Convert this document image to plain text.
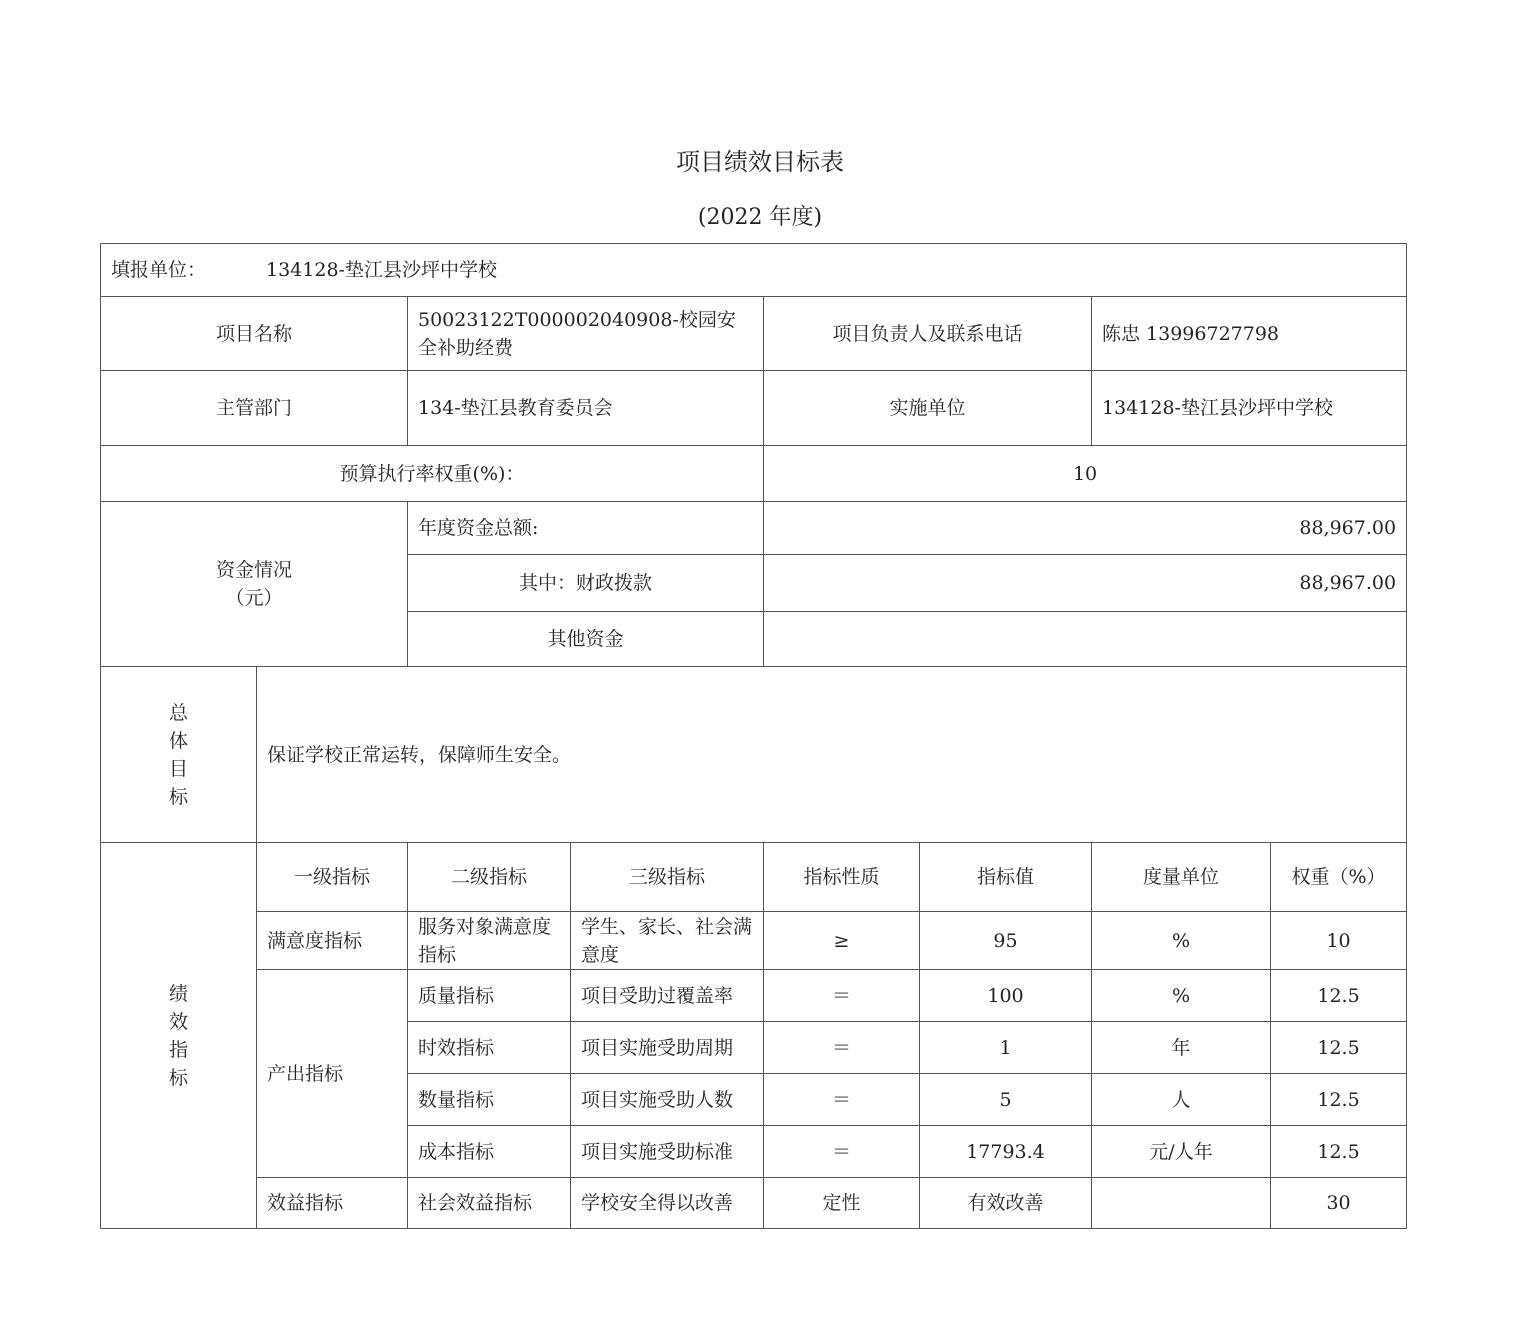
项目绩效目标表
(2022 年度)
填报单位： 134128-垫江县沙坪中学校							
项目名称		50023122T000002040908-校园安全补助经费		项目负责人及联系电话		陈忠 13996727798	
主管部门		134-垫江县教育委员会		实施单位		134128-垫江县沙坪中学校	
预算执行率权重(%)：				10			

资金情况
（元）		年度资金总额:		88,967.00			
		其中：财政拨款		88,967.00			
		其他资金					

总
体
目
标	保证学校正常运转，保障师生安全。						

绩
效
指
标	一级指标	二级指标	三级指标	指标性质	指标值	度量单位	权重（%）
	满意度指标	服务对象满意度指标	学生、家长、社会满意度	≥	95	%	10
	产出指标	质量指标	项目受助过覆盖率	＝	100	%	12.5
		时效指标	项目实施受助周期	＝	1	年	12.5
		数量指标	项目实施受助人数	＝	5	人	12.5
		成本指标	项目实施受助标准	＝	17793.4	元/人年	12.5
	效益指标	社会效益指标	学校安全得以改善	定性	有效改善		30
